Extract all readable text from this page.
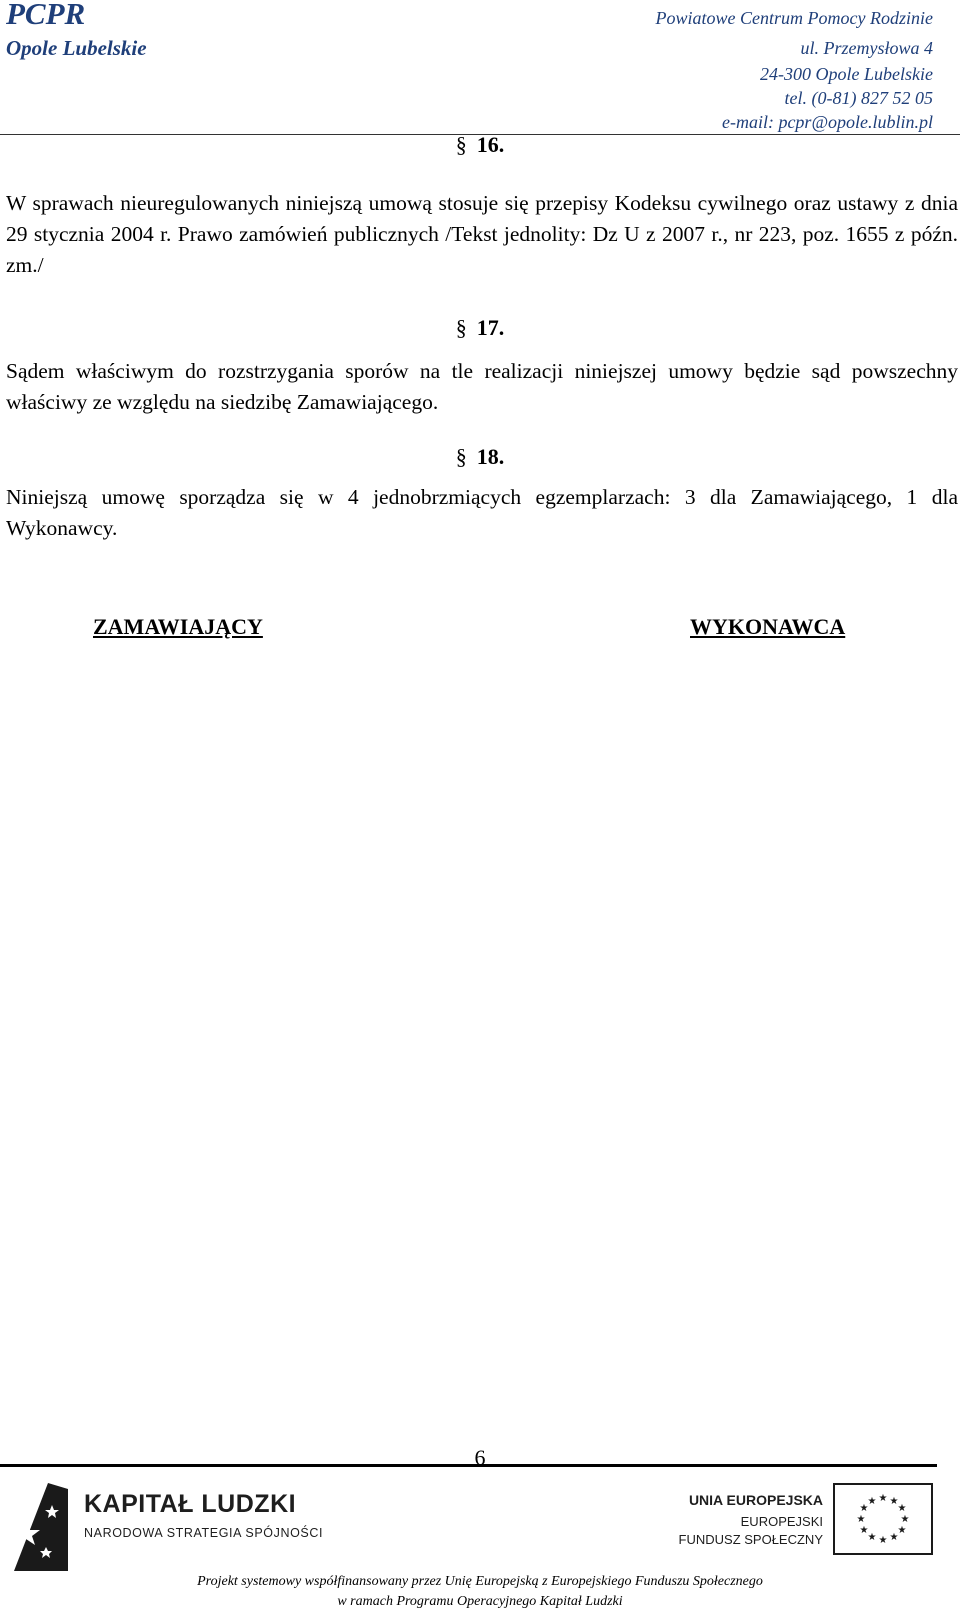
PCPR
Opole Lubelskie
Powiatowe Centrum Pomocy Rodzinie
ul. Przemysłowa 4
24-300 Opole Lubelskie
tel. (0-81) 827 52 05
e-mail: pcpr@opole.lublin.pl
§ 16.
W sprawach nieuregulowanych niniejszą umową stosuje się przepisy Kodeksu cywilnego oraz ustawy z dnia 29 stycznia 2004 r. Prawo zamówień publicznych /Tekst jednolity: Dz U z 2007 r., nr 223, poz. 1655 z późn. zm./
§ 17.
Sądem właściwym do rozstrzygania sporów na tle realizacji niniejszej umowy będzie sąd powszechny właściwy ze względu na siedzibę Zamawiającego.
§ 18.
Niniejszą umowę sporządza się w 4 jednobrzmiących egzemplarzach: 3 dla Zamawiającego, 1 dla Wykonawcy.
ZAMAWIAJĄCY	WYKONAWCA
6
KAPITAŁ LUDZKI
NARODOWA STRATEGIA SPÓJNOŚCI
UNIA EUROPEJSKA
EUROPEJSKI
FUNDUSZ SPOŁECZNY
★ ★
★
★
★
★
★
★
★
★
★
★
Projekt systemowy współfinansowany przez Unię Europejską z Europejskiego Funduszu Społecznego
w ramach Programu Operacyjnego Kapitał Ludzki
